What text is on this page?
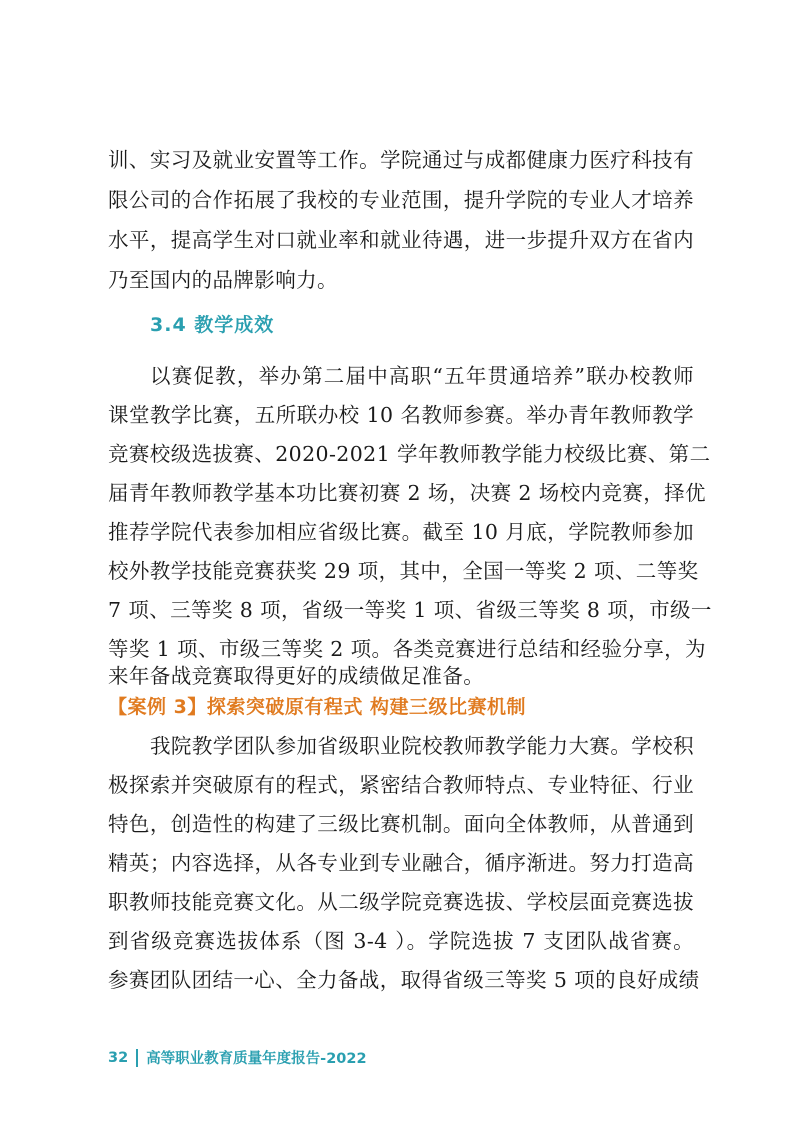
训、实习及就业安置等工作。学院通过与成都健康力医疗科技有
限公司的合作拓展了我校的专业范围，提升学院的专业人才培养
水平，提高学生对口就业率和就业待遇，进一步提升双方在省内
乃至国内的品牌影响力。
3.4 教学成效
以赛促教，举办第二届中高职“五年贯通培养”联办校教师
课堂教学比赛，五所联办校 10 名教师参赛。举办青年教师教学
竞赛校级选拔赛、2020-2021 学年教师教学能力校级比赛、第二
届青年教师教学基本功比赛初赛 2 场，决赛 2 场校内竞赛，择优
推荐学院代表参加相应省级比赛。截至 10 月底，学院教师参加
校外教学技能竞赛获奖 29 项，其中，全国一等奖 2 项、二等奖
7 项、三等奖 8 项，省级一等奖 1 项、省级三等奖 8 项，市级一
等奖 1 项、市级三等奖 2 项。各类竞赛进行总结和经验分享，为
来年备战竞赛取得更好的成绩做足准备。
【案例 3】探索突破原有程式 构建三级比赛机制
我院教学团队参加省级职业院校教师教学能力大赛。学校积
极探索并突破原有的程式，紧密结合教师特点、专业特征、行业
特色，创造性的构建了三级比赛机制。面向全体教师，从普通到
精英；内容选择，从各专业到专业融合，循序渐进。努力打造高
职教师技能竞赛文化。从二级学院竞赛选拔、学校层面竞赛选拔
到省级竞赛选拔体系（图 3-4 ）。学院选拔 7 支团队战省赛。
参赛团队团结一心、全力备战，取得省级三等奖 5 项的良好成绩
32 高等职业教育质量年度报告-2022
